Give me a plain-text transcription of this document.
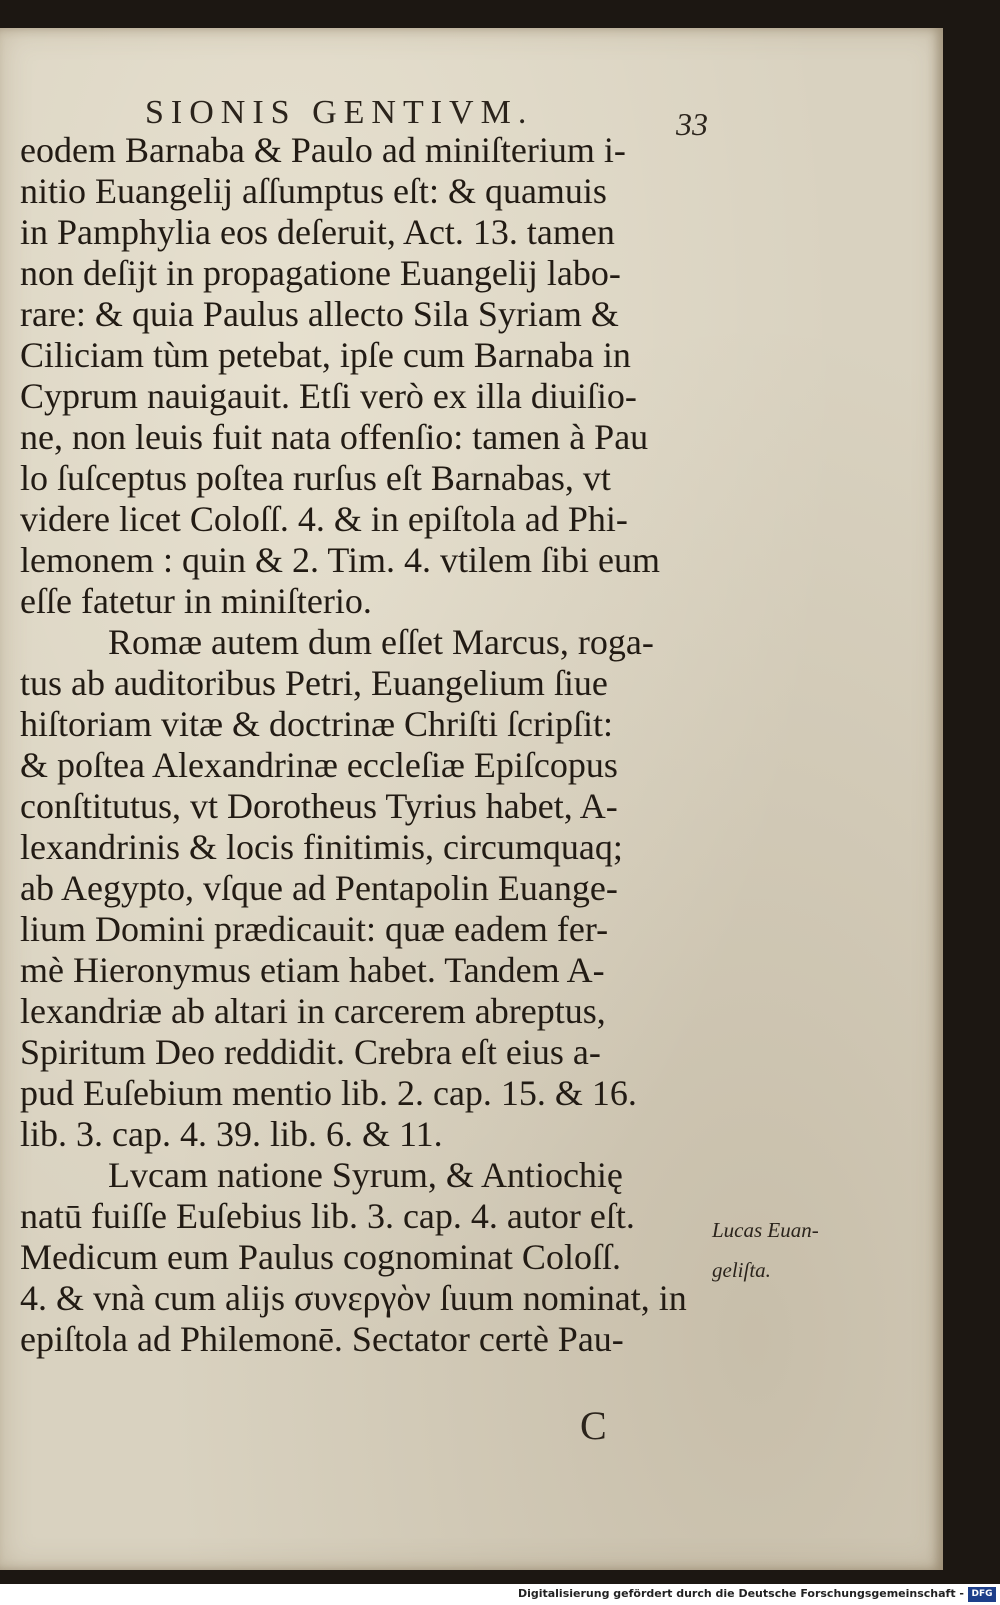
SIONIS GENTIVM.	33
eodem Barnaba & Paulo ad miniſterium i-
nitio Euangelij aſſumptus eſt: & quamuis
in Pamphylia eos deſeruit, Act. 13. tamen
non deſijt in propagatione Euangelij labo-
rare: & quia Paulus allecto Sila Syriam &
Ciliciam tùm petebat, ipſe cum Barnaba in
Cyprum nauigauit. Etſi verò ex illa diuiſio-
ne, non leuis fuit nata offenſio: tamen à Pau
lo ſuſceptus poſtea rurſus eſt Barnabas, vt
videre licet Coloſſ. 4. & in epiſtola ad Phi-
lemonem : quin & 2. Tim. 4. vtilem ſibi eum
eſſe fatetur in miniſterio.
Romæ autem dum eſſet Marcus, roga-
tus ab auditoribus Petri, Euangelium ſiue
hiſtoriam vitæ & doctrinæ Chriſti ſcripſit:
& poſtea Alexandrinæ eccleſiæ Epiſcopus
conſtitutus, vt Dorotheus Tyrius habet, A-
lexandrinis & locis finitimis, circumquaq;
ab Aegypto, vſque ad Pentapolin Euange-
lium Domini prædicauit: quæ eadem fer-
mè Hieronymus etiam habet. Tandem A-
lexandriæ ab altari in carcerem abreptus,
Spiritum Deo reddidit. Crebra eſt eius a-
pud Euſebium mentio lib. 2. cap. 15. & 16.
lib. 3. cap. 4. 39. lib. 6. & 11.
Lvcam natione Syrum, & Antiochię
natū fuiſſe Euſebius lib. 3. cap. 4. autor eſt.
Medicum eum Paulus cognominat Coloſſ.
4. & vnà cum alijs συνεργὸν ſuum nominat, in
epiſtola ad Philemonē. Sectator certè Pau-
Lucas Euan-
geliſta.
C
Digitalisierung gefördert durch die Deutsche Forschungsgemeinschaft - DFG
